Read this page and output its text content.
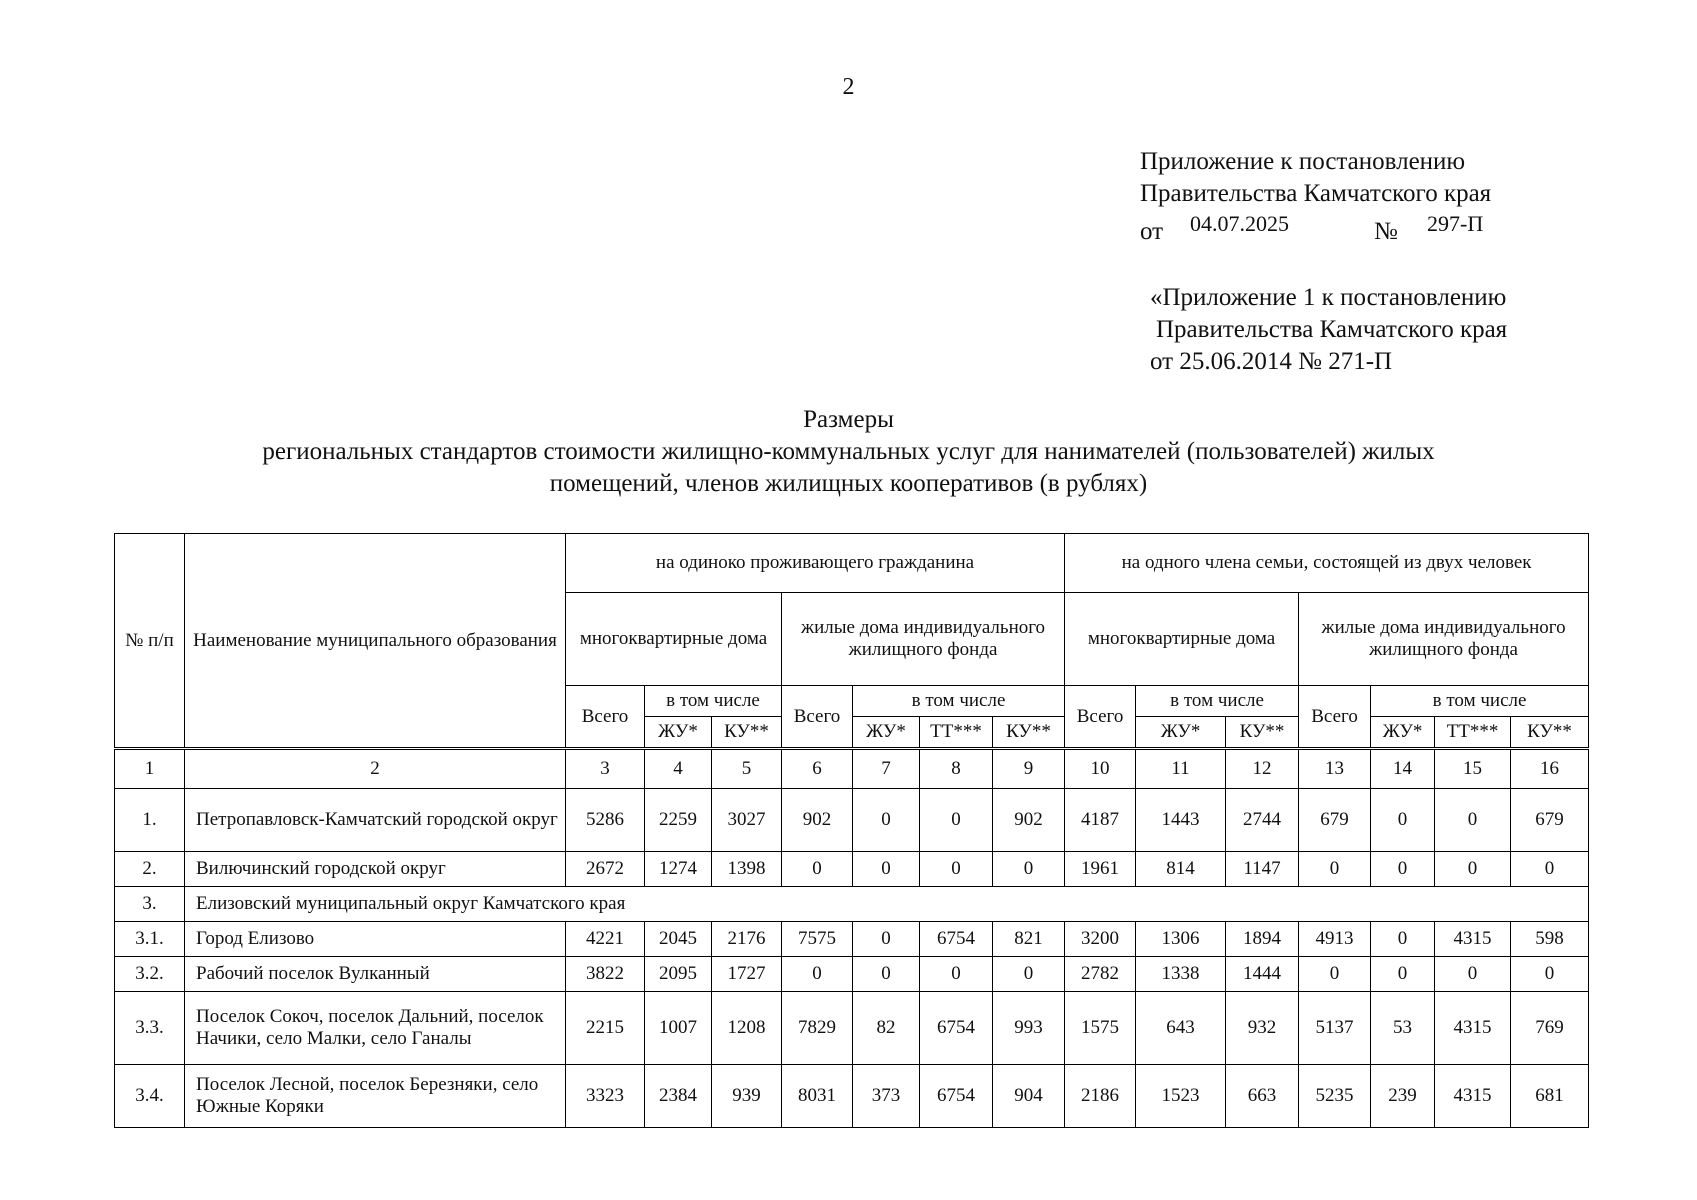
2
Приложение к постановлению
Правительства Камчатского края
от 04.07.2025	№ 297-П
«Приложение 1 к постановлению
Правительства Камчатского края
от 25.06.2014 № 271-П
Размеры
региональных стандартов стоимости жилищно-коммунальных услуг для нанимателей (пользователей) жилых
помещений, членов жилищных кооперативов (в рублях)
№ п/п	Наименование муниципального образования	на одиноко проживающего гражданина							на одного члена семьи, состоящей из двух человек						
		многоквартирные дома			жилые дома индивидуального жилищного фонда				многоквартирные дома			жилые дома индивидуального жилищного фонда			
		Всего	в том числе		Всего	в том числе			Всего	в том числе		Всего	в том числе		
			ЖУ*	КУ**		ЖУ*	ТТ***	КУ**		ЖУ*	КУ**		ЖУ*	ТТ***	КУ**
1	2	3	4	5	6	7	8	9	10	11	12	13	14	15	16
1.	Петропавловск-Камчатский городской округ	5286	2259	3027	902	0	0	902	4187	1443	2744	679	0	0	679
2.	Вилючинский городской округ	2672	1274	1398	0	0	0	0	1961	814	1147	0	0	0	0
3.	Елизовский муниципальный округ Камчатского края														
3.1.	Город Елизово	4221	2045	2176	7575	0	6754	821	3200	1306	1894	4913	0	4315	598
3.2.	Рабочий поселок Вулканный	3822	2095	1727	0	0	0	0	2782	1338	1444	0	0	0	0
3.3.	Поселок Сокоч, поселок Дальний, поселок Начики, село Малки, село Ганалы	2215	1007	1208	7829	82	6754	993	1575	643	932	5137	53	4315	769
3.4.	Поселок Лесной, поселок Березняки, село Южные Коряки	3323	2384	939	8031	373	6754	904	2186	1523	663	5235	239	4315	681
